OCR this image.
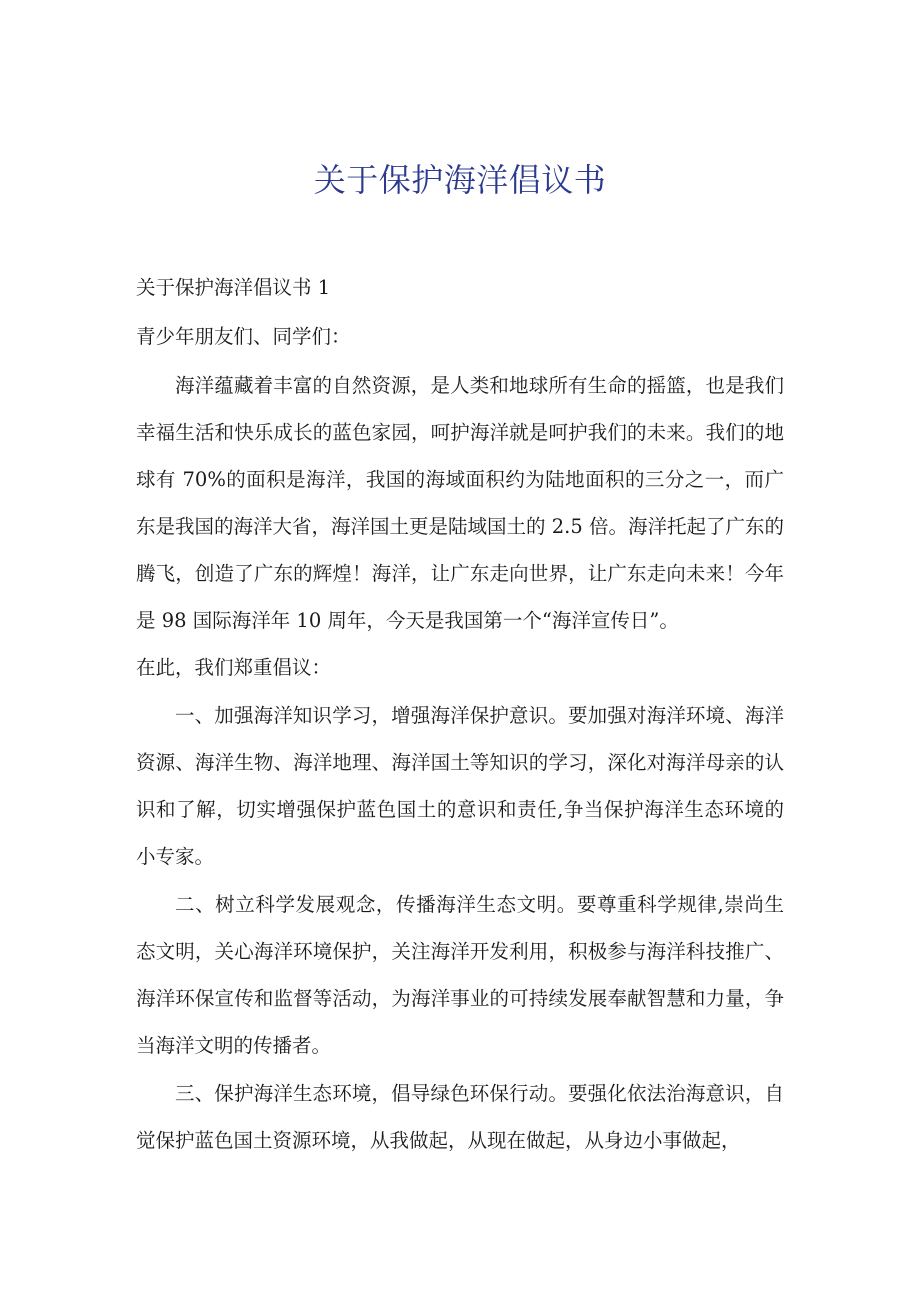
关于保护海洋倡议书

关于保护海洋倡议书 1

青少年朋友们、同学们：

海洋蕴藏着丰富的自然资源，是人类和地球所有生命的摇篮，也是我们幸福生活和快乐成长的蓝色家园，呵护海洋就是呵护我们的未来。我们的地球有 70%的面积是海洋，我国的海域面积约为陆地面积的三分之一，而广东是我国的海洋大省，海洋国土更是陆域国土的 2.5 倍。海洋托起了广东的腾飞，创造了广东的辉煌！海洋，让广东走向世界，让广东走向未来！今年是 98 国际海洋年 10 周年，今天是我国第一个“海洋宣传日”。

在此，我们郑重倡议：

一、加强海洋知识学习，增强海洋保护意识。要加强对海洋环境、海洋资源、海洋生物、海洋地理、海洋国土等知识的学习，深化对海洋母亲的认识和了解，切实增强保护蓝色国土的意识和责任,争当保护海洋生态环境的小专家。

二、树立科学发展观念，传播海洋生态文明。要尊重科学规律,崇尚生态文明，关心海洋环境保护，关注海洋开发利用，积极参与海洋科技推广、海洋环保宣传和监督等活动，为海洋事业的可持续发展奉献智慧和力量，争当海洋文明的传播者。

三、保护海洋生态环境，倡导绿色环保行动。要强化依法治海意识，自觉保护蓝色国土资源环境，从我做起，从现在做起，从身边小事做起，
